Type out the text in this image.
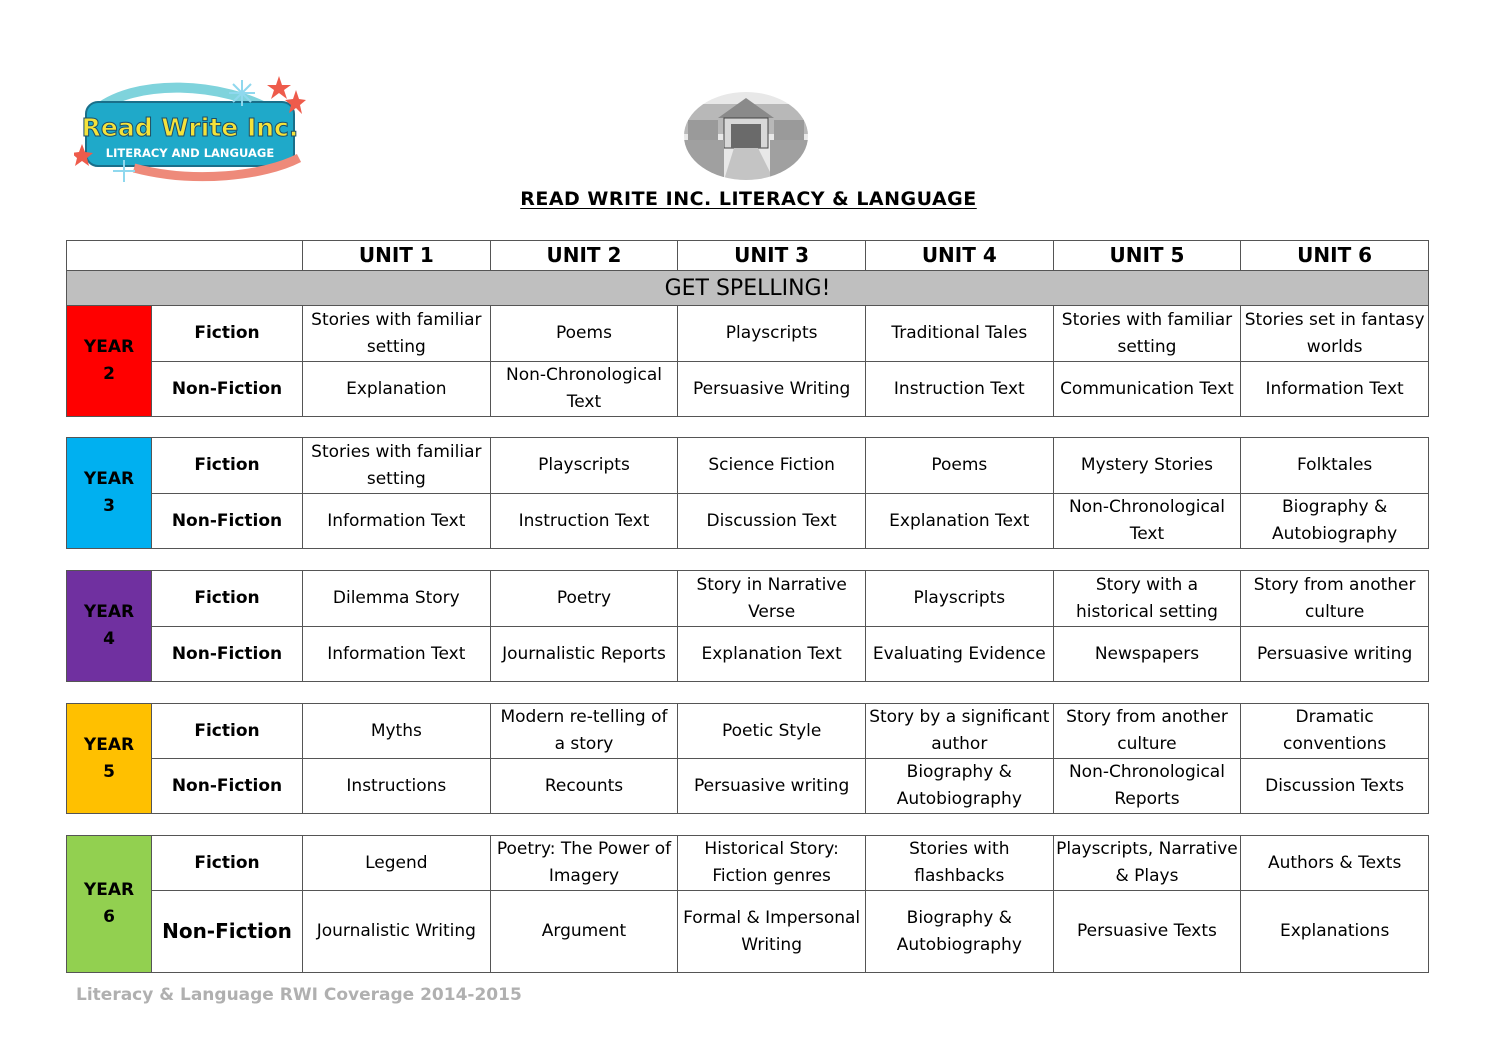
Read Write Inc.
LITERACY AND LANGUAGE
READ WRITE INC. LITERACY & LANGUAGE
		UNIT 1	UNIT 2	UNIT 3	UNIT 4	UNIT 5	UNIT 6
GET SPELLING!							
YEAR
2	Fiction	Stories with familiar setting	Poems	Playscripts	Traditional Tales	Stories with familiar setting	Stories set in fantasy worlds
	Non-Fiction	Explanation	Non-Chronological Text	Persuasive Writing	Instruction Text	Communication Text	Information Text
YEAR
3	Fiction	Stories with familiar setting	Playscripts	Science Fiction	Poems	Mystery Stories	Folktales
	Non-Fiction	Information Text	Instruction Text	Discussion Text	Explanation Text	Non-Chronological Text	Biography & Autobiography
YEAR
4	Fiction	Dilemma Story	Poetry	Story in Narrative Verse	Playscripts	Story with a historical setting	Story from another culture
	Non-Fiction	Information Text	Journalistic Reports	Explanation Text	Evaluating Evidence	Newspapers	Persuasive writing
YEAR
5	Fiction	Myths	Modern re-telling of a story	Poetic Style	Story by a significant author	Story from another culture	Dramatic conventions
	Non-Fiction	Instructions	Recounts	Persuasive writing	Biography & Autobiography	Non-Chronological Reports	Discussion Texts
YEAR
6	Fiction	Legend	Poetry: The Power of Imagery	Historical Story: Fiction genres	Stories with flashbacks	Playscripts, Narrative & Plays	Authors & Texts
	Non-Fiction	Journalistic Writing	Argument	Formal & Impersonal Writing	Biography & Autobiography	Persuasive Texts	Explanations
Literacy & Language RWI Coverage 2014-2015
